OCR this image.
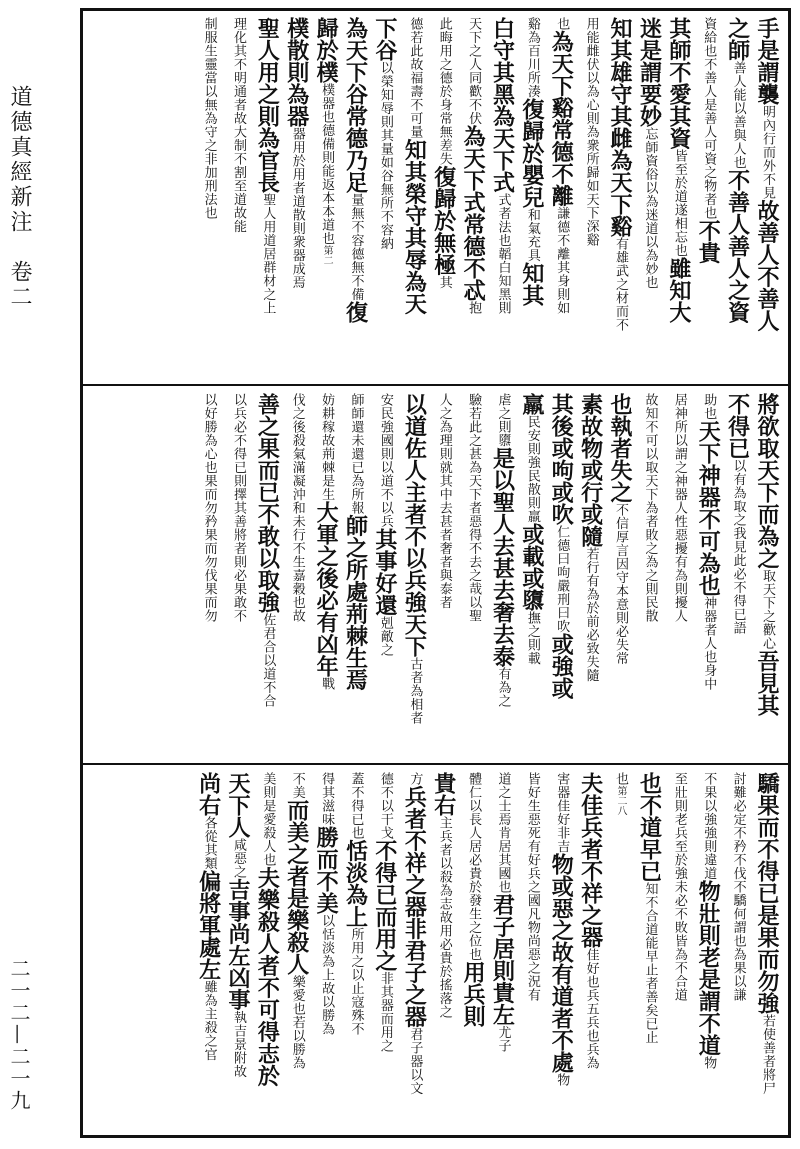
道德真經新注　卷二
二一二—二一九
手是謂襲明內行而外不見故善人不善人
之師善人能以善與人也不善人善人之資
資給也不善人是善人可資之物者也不貴
其師不愛其資皆至於道遂相忘也雖知大
迷是謂要妙忘師資俗以為迷道以為妙也
知其雄守其雌為天下谿有雄武之材而不
用能雌伏以為心則為衆所歸如天下深谿
也為天下谿常德不離謙德不離其身則如
谿為百川所湊復歸於嬰兒和氣充具知其
白守其黑為天下式式者法也韜白知黑則
天下之人同歡不伏為天下式常德不忒抱
此晦用之德於身常無差失復歸於無極其
德若此故福壽不可量知其榮守其辱為天
下谷以榮知辱則其量如谷無所不容納
為天下谷常德乃足量無不容德無不備復
歸於樸樸器也德備則能返本本道也第二
樸散則為器器用於用者道散則衆器成焉
聖人用之則為官長聖人用道居群材之上
理化其不明通者故大制不割至道故能
制服生靈當以無為守之非加刑法也
將欲取天下而為之取天下之歡心吾見其
不得已以有為取之我見此必不得已語
助也天下神器不可為也神器者人也身中
居神所以謂之神器人性惡擾有為則擾人
故知不可以取天下為者敗之為之則民散
也執者失之不信厚言因守本意則必失常
素故物或行或隨若行有為於前必致失隨
其後或呴或吹仁德曰呴嚴刑曰吹或強或
羸民安則強民散則羸或載或隳撫之則載
虐之則隳是以聖人去甚去奢去泰有為之
驗若此之甚為天下者惡得不去之哉以聖
人之為理則就其中去甚者奢者與泰者
以道佐人主者不以兵強天下古者為相者
安民強國則以道不以兵其事好還剋敵之
師師還未還已為所報師之所處荊棘生焉
妨耕稼故荊棘是生大軍之後必有凶年戰
伐之後殺氣滿凝沖和未行不生嘉穀也故
善之果而已不敢以取強佐君合以道不合
以兵必不得已則擇其善將者則必果敢不
以好勝為心也果而勿矜果而勿伐果而勿
驕果而不得已是果而勿強若使善者將尸
討難必定不矜不伐不驕何謂也為果以謙
不果以強強則違道物壯則老是謂不道物
至壯則老兵至於強未必不敗皆為不合道
也不道早已知不合道能早止者善矣已止
也第二八
夫佳兵者不祥之器佳好也兵五兵也兵為
害器佳好非吉物或惡之故有道者不處物
皆好生惡死有好兵之國凡物尚惡之況有
道之士焉肯居其國也君子居則貴左尤子
體仁以長人居必貴於發生之位也用兵則
貴右主兵者以殺為志故用必貴於搖落之
方兵者不祥之器非君子之器君子器以文
德不以干戈不得已而用之非其器而用之
蓋不得已也恬淡為上所用之以止寇殊不
得其滋味勝而不美以恬淡為上故以勝為
不美而美之者是樂殺人樂愛也若以勝為
美則是愛殺人也夫樂殺人者不可得志於
天下人咸惡之吉事尚左凶事執吉景附故
尚右各從其類偏將軍處左雖為主殺之官
